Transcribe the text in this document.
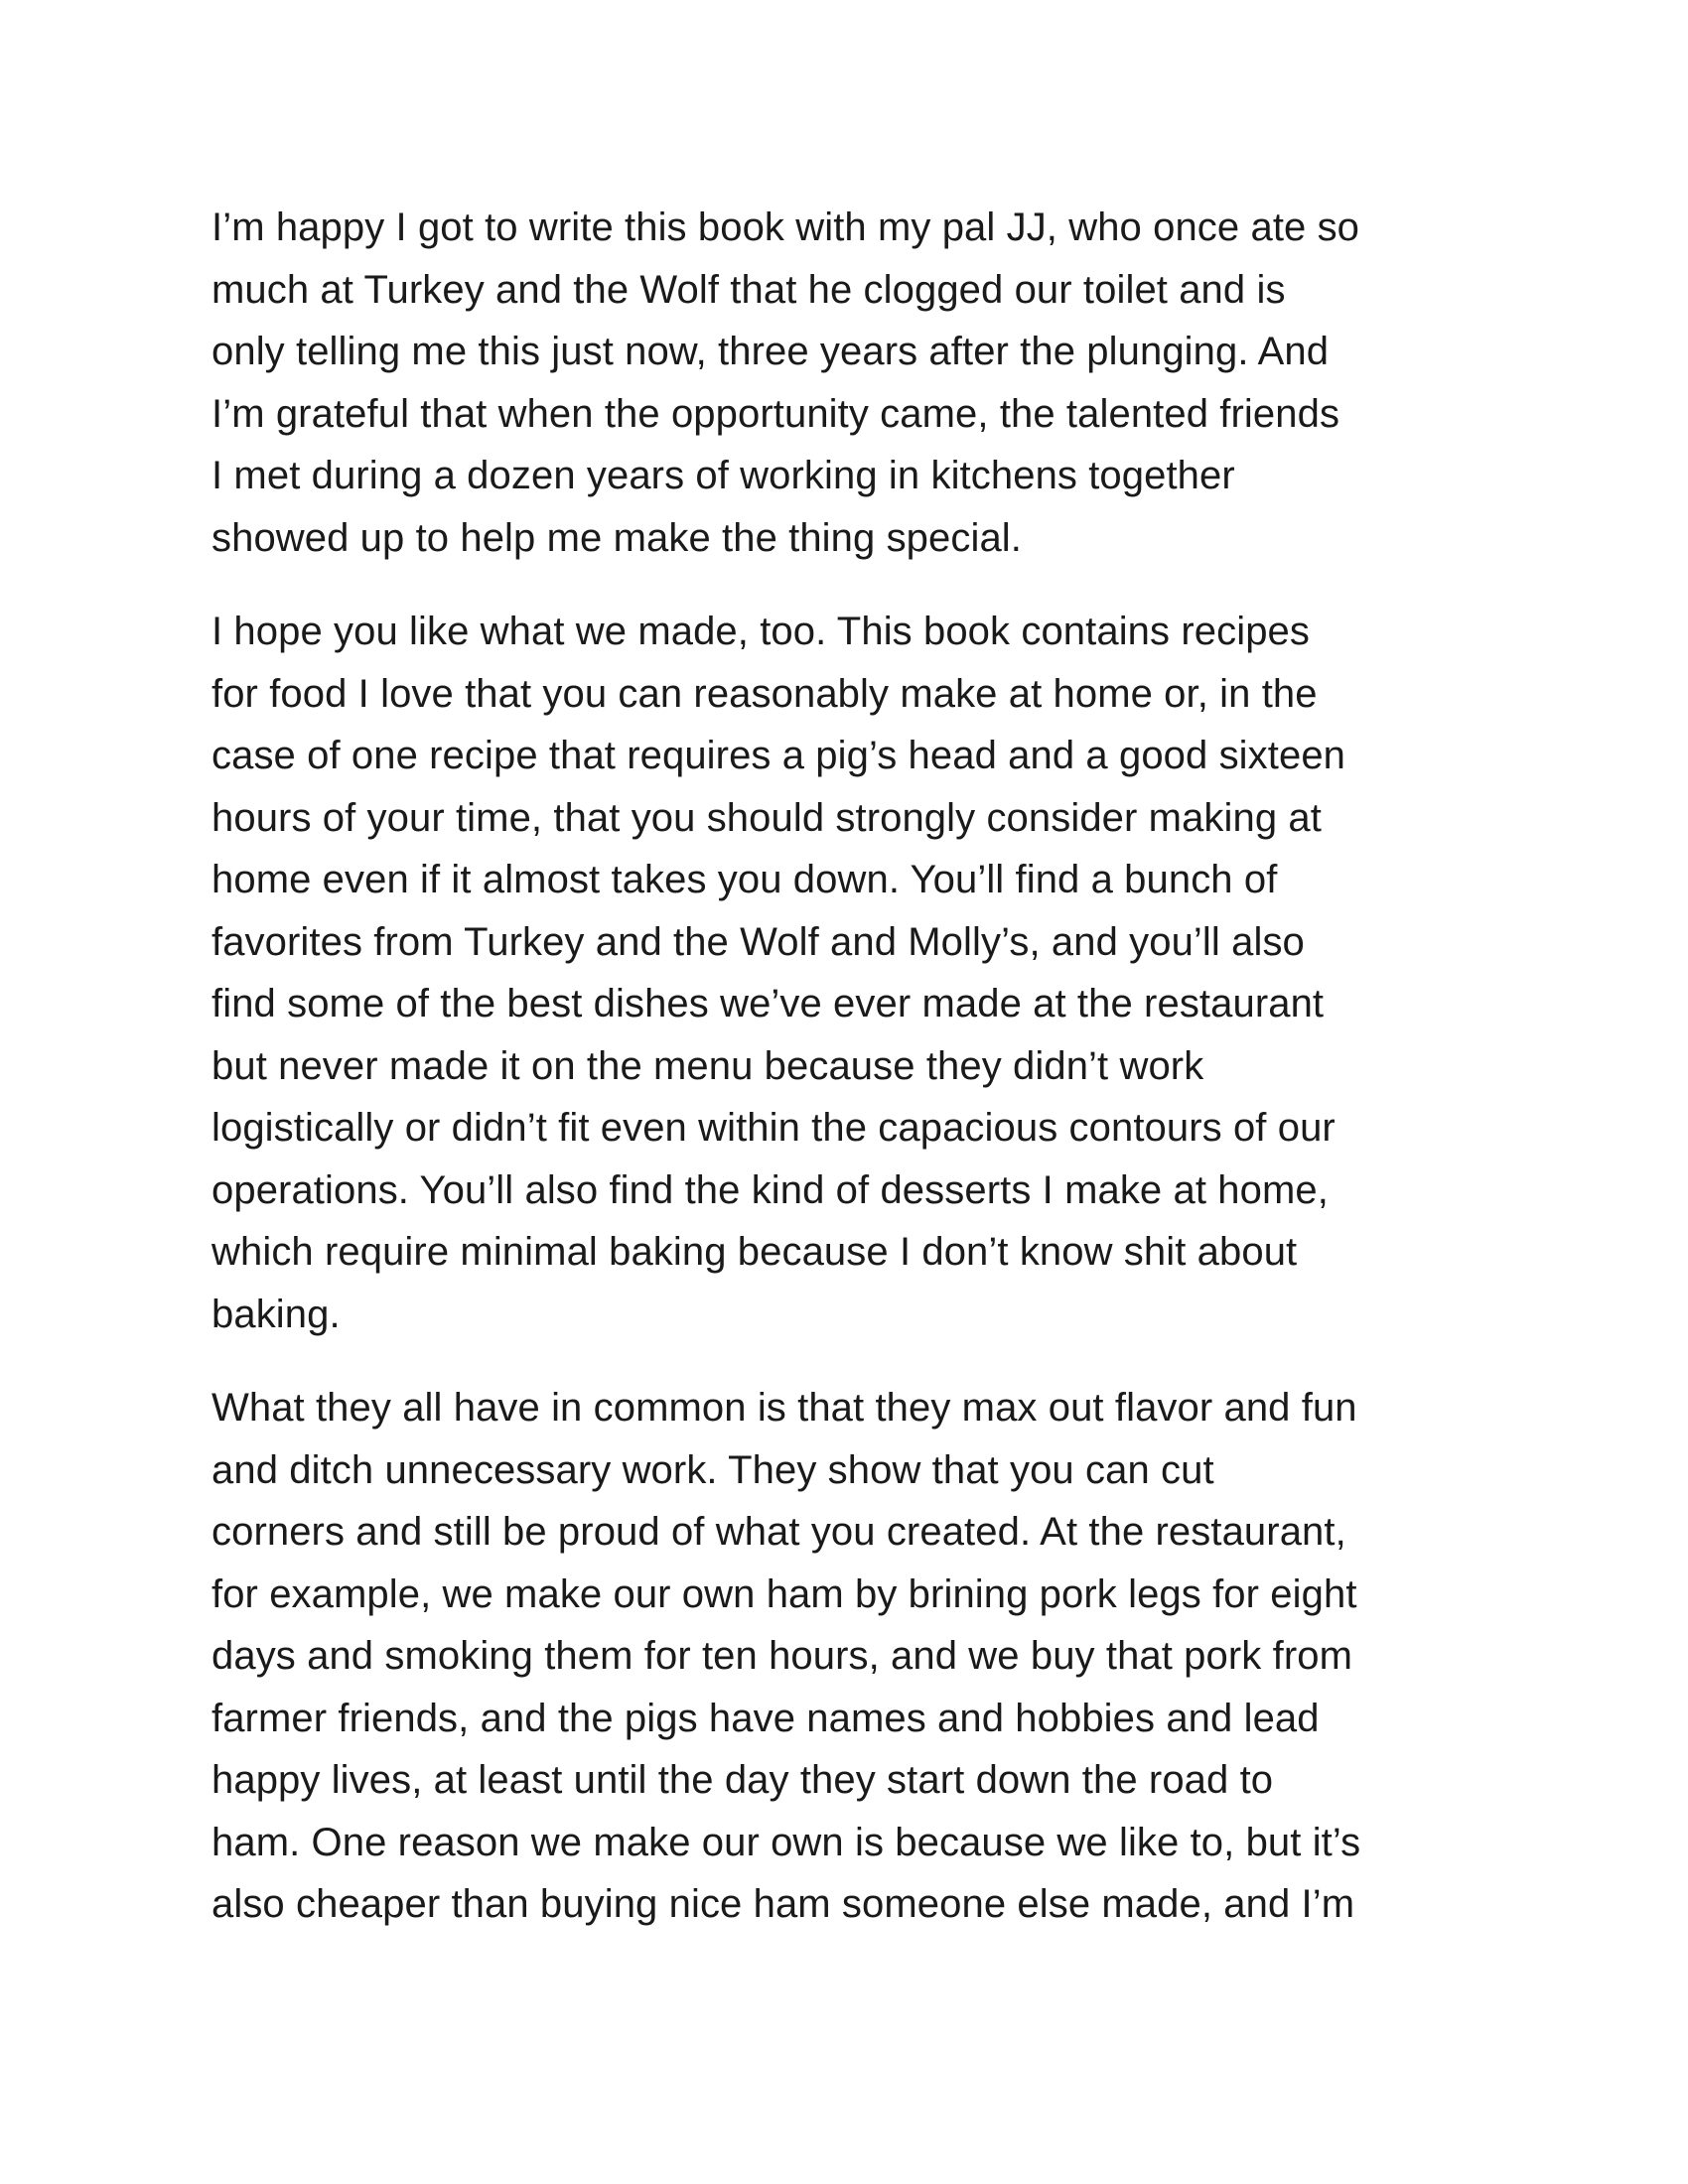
I’m happy I got to write this book with my pal JJ, who once ate so
much at Turkey and the Wolf that he clogged our toilet and is
only telling me this just now, three years after the plunging. And
I’m grateful that when the opportunity came, the talented friends
I met during a dozen years of working in kitchens together
showed up to help me make the thing special.

I hope you like what we made, too. This book contains recipes
for food I love that you can reasonably make at home or, in the
case of one recipe that requires a pig’s head and a good sixteen
hours of your time, that you should strongly consider making at
home even if it almost takes you down. You’ll find a bunch of
favorites from Turkey and the Wolf and Molly’s, and you’ll also
find some of the best dishes we’ve ever made at the restaurant
but never made it on the menu because they didn’t work
logistically or didn’t fit even within the capacious contours of our
operations. You’ll also find the kind of desserts I make at home,
which require minimal baking because I don’t know shit about
baking.

What they all have in common is that they max out flavor and fun
and ditch unnecessary work. They show that you can cut
corners and still be proud of what you created. At the restaurant,
for example, we make our own ham by brining pork legs for eight
days and smoking them for ten hours, and we buy that pork from
farmer friends, and the pigs have names and hobbies and lead
happy lives, at least until the day they start down the road to
ham. One reason we make our own is because we like to, but it’s
also cheaper than buying nice ham someone else made, and I’m
